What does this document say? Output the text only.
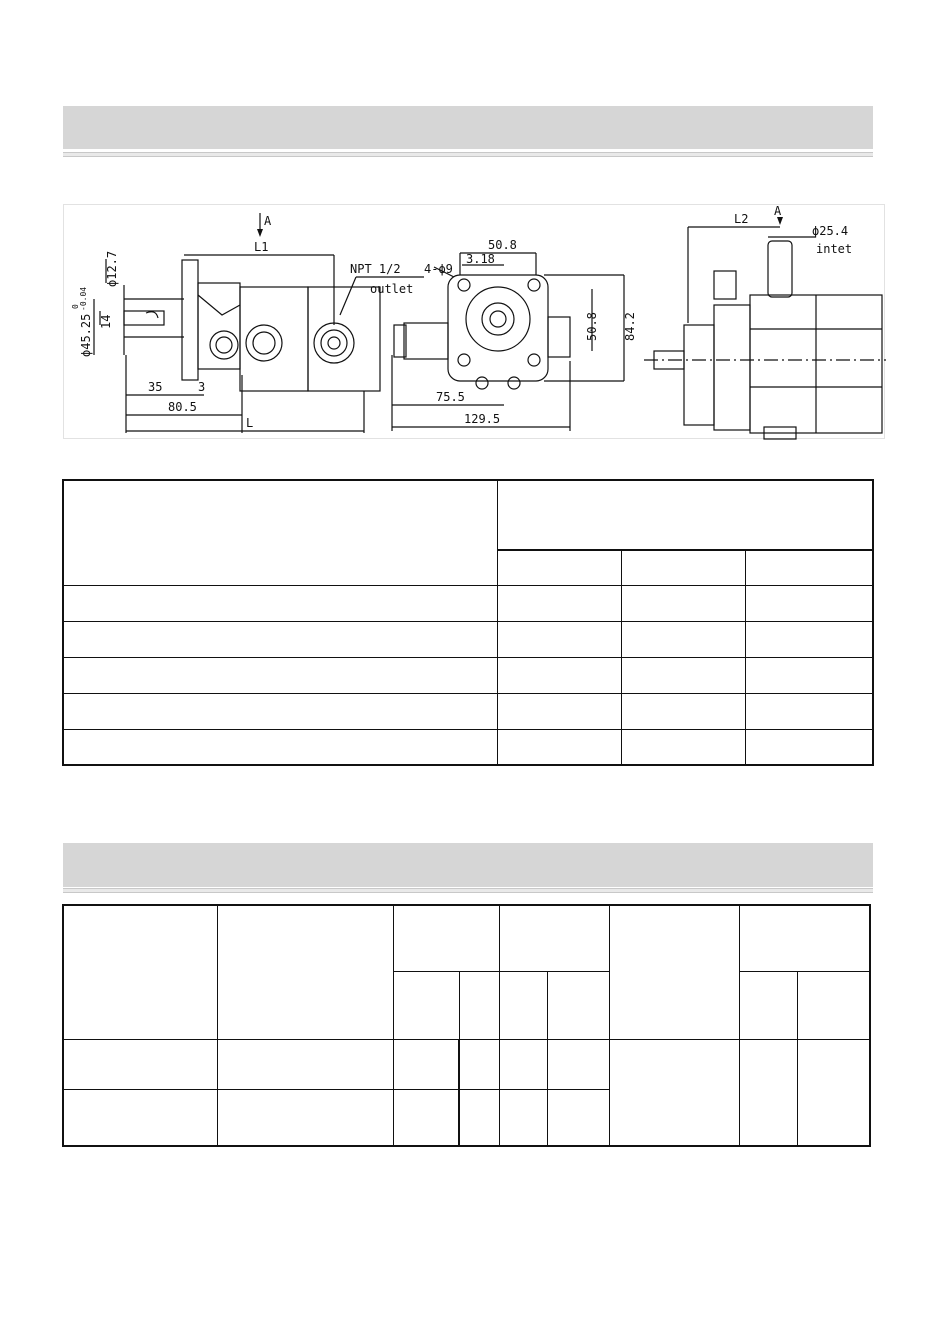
A
L1
L
NPT 1/2
outlet
35	3
80.5
ϕ12.7
ϕ45.25
0 -0.04
14
4-ϕ9
50.8
3.18
50.8 84.2
75.5
129.5
L2
A
ϕ25.4
intet
